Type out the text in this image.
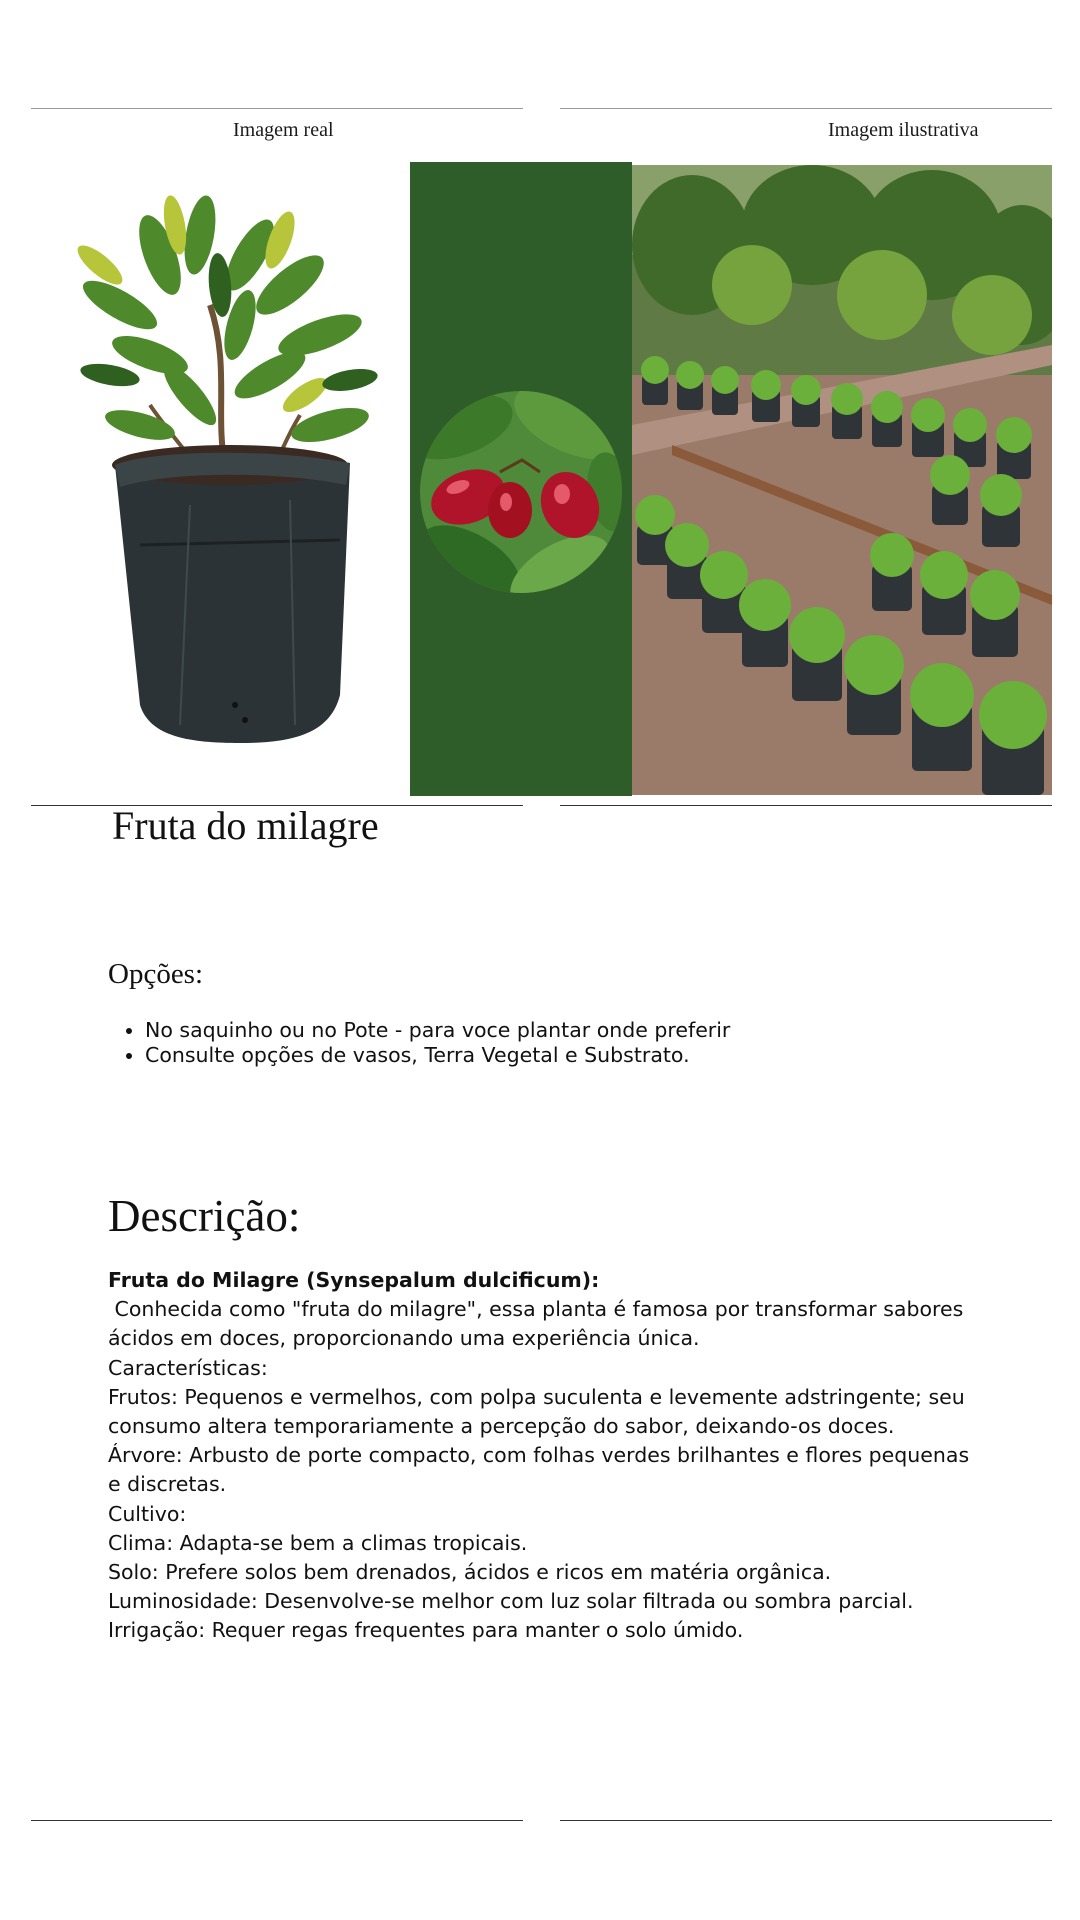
Imagem real	Imagem ilustrativa
Fruta do milagre
Opções:
• No saquinho ou no Pote - para voce plantar onde preferir
• Consulte opções de vasos, Terra Vegetal e Substrato.
Descrição:

Fruta do Milagre (Synsepalum dulcificum):

Conhecida como "fruta do milagre", essa planta é famosa por transformar sabores ácidos em doces, proporcionando uma experiência única.

Características:

Frutos: Pequenos e vermelhos, com polpa suculenta e levemente adstringente; seu consumo altera temporariamente a percepção do sabor, deixando-os doces.

Árvore: Arbusto de porte compacto, com folhas verdes brilhantes e flores pequenas e discretas.

Cultivo:

Clima: Adapta-se bem a climas tropicais.

Solo: Prefere solos bem drenados, ácidos e ricos em matéria orgânica.

Luminosidade: Desenvolve-se melhor com luz solar filtrada ou sombra parcial.

Irrigação: Requer regas frequentes para manter o solo úmido.
